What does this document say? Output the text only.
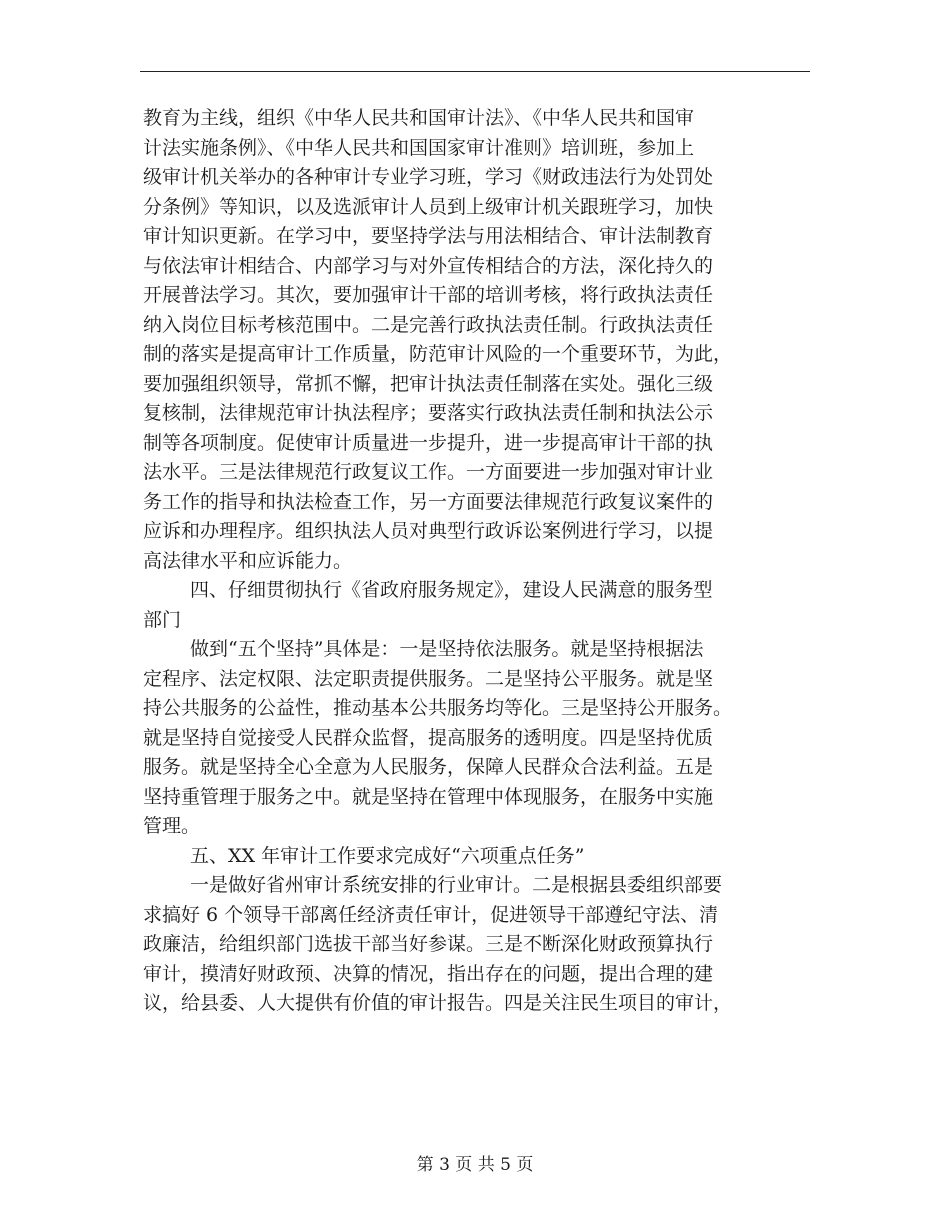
教育为主线，组织《中华人民共和国审计法》、《中华人民共和国审
计法实施条例》、《中华人民共和国国家审计准则》培训班，参加上
级审计机关举办的各种审计专业学习班，学习《财政违法行为处罚处
分条例》等知识，以及选派审计人员到上级审计机关跟班学习，加快
审计知识更新。在学习中，要坚持学法与用法相结合、审计法制教育
与依法审计相结合、内部学习与对外宣传相结合的方法，深化持久的
开展普法学习。其次，要加强审计干部的培训考核，将行政执法责任
纳入岗位目标考核范围中。二是完善行政执法责任制。行政执法责任
制的落实是提高审计工作质量，防范审计风险的一个重要环节，为此，
要加强组织领导，常抓不懈，把审计执法责任制落在实处。强化三级
复核制，法律规范审计执法程序；要落实行政执法责任制和执法公示
制等各项制度。促使审计质量进一步提升，进一步提高审计干部的执
法水平。三是法律规范行政复议工作。一方面要进一步加强对审计业
务工作的指导和执法检查工作，另一方面要法律规范行政复议案件的
应诉和办理程序。组织执法人员对典型行政诉讼案例进行学习，以提
高法律水平和应诉能力。
四、仔细贯彻执行《省政府服务规定》，建设人民满意的服务型
部门
做到“五个坚持”具体是：一是坚持依法服务。就是坚持根据法
定程序、法定权限、法定职责提供服务。二是坚持公平服务。就是坚
持公共服务的公益性，推动基本公共服务均等化。三是坚持公开服务。
就是坚持自觉接受人民群众监督，提高服务的透明度。四是坚持优质
服务。就是坚持全心全意为人民服务，保障人民群众合法利益。五是
坚持重管理于服务之中。就是坚持在管理中体现服务，在服务中实施
管理。
五、XX 年审计工作要求完成好“六项重点任务”
一是做好省州审计系统安排的行业审计。二是根据县委组织部要
求搞好 6 个领导干部离任经济责任审计，促进领导干部遵纪守法、清
政廉洁，给组织部门选拔干部当好参谋。三是不断深化财政预算执行
审计，摸清好财政预、决算的情况，指出存在的问题，提出合理的建
议，给县委、人大提供有价值的审计报告。四是关注民生项目的审计，
第 3 页 共 5 页
